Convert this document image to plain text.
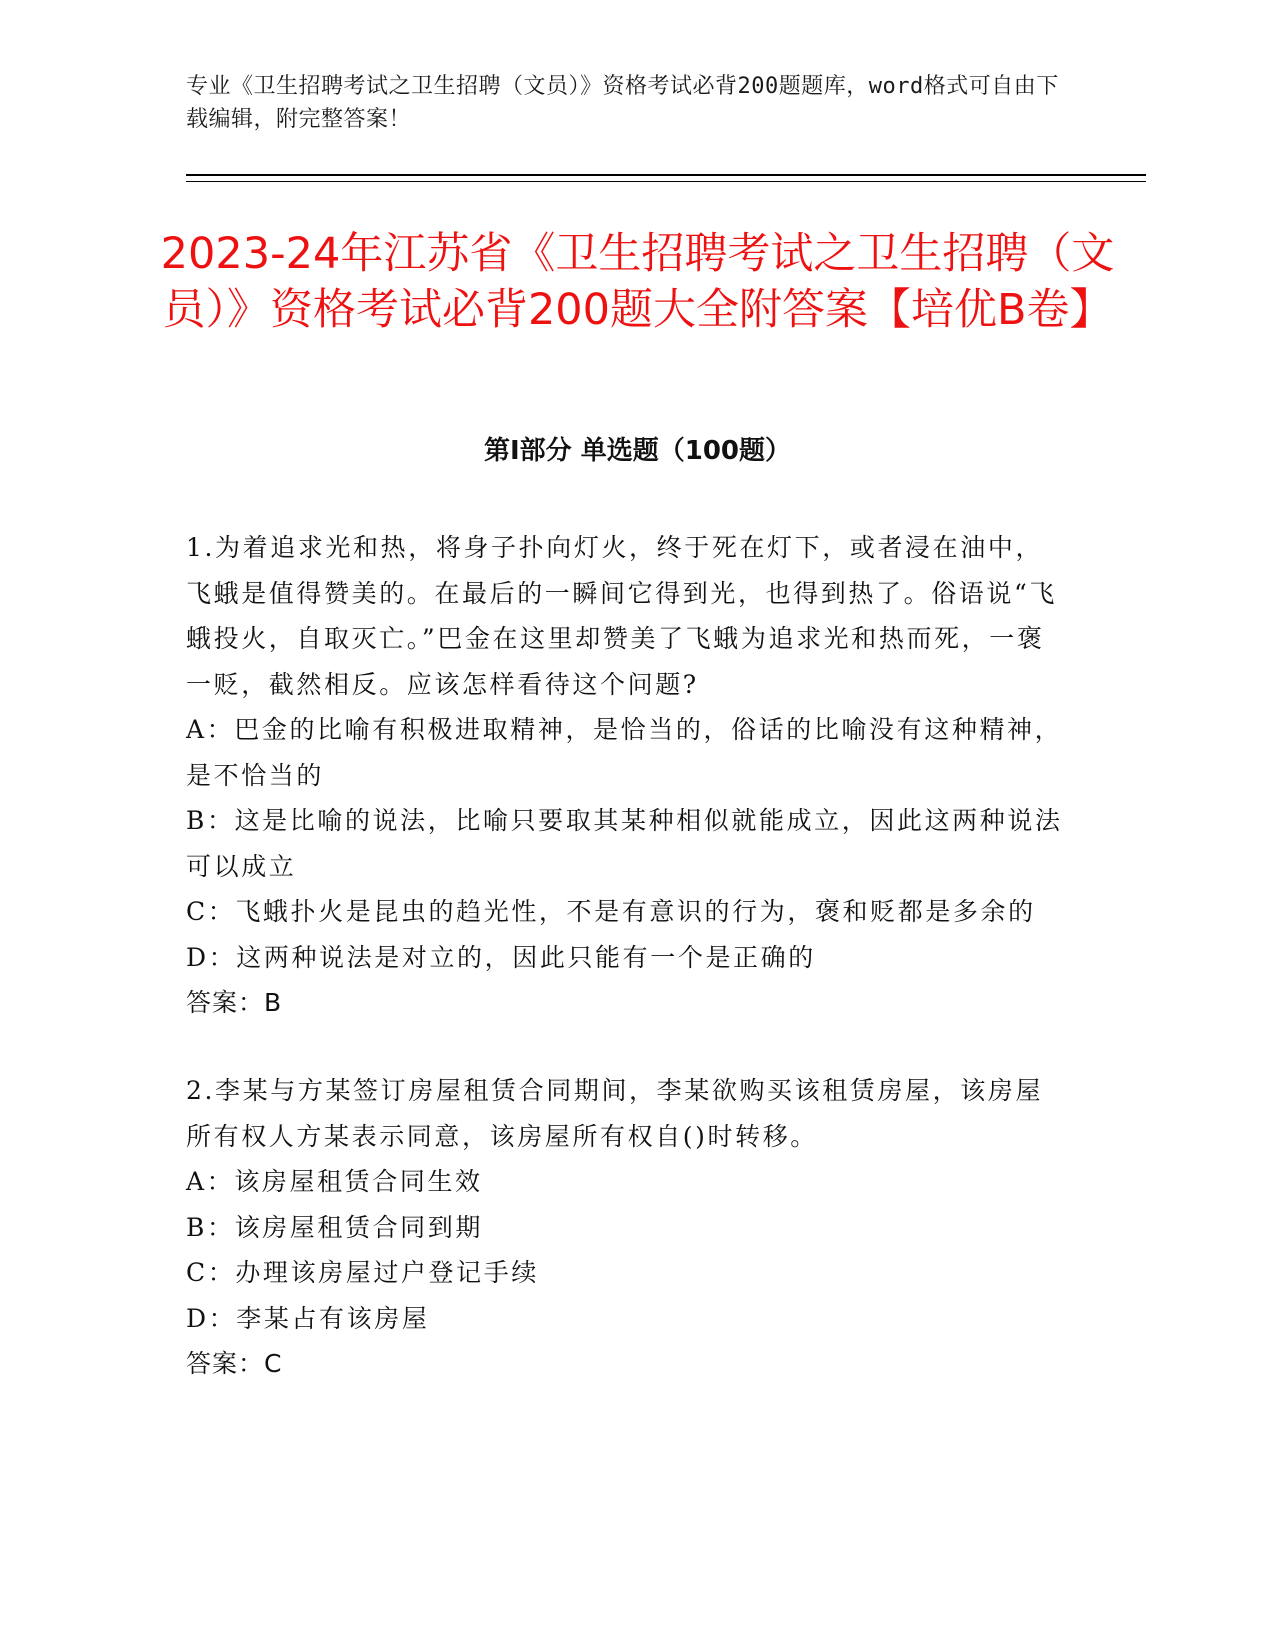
专业《卫生招聘考试之卫生招聘（文员）》资格考试必背200题题库，word格式可自由下载编辑，附完整答案！
2023-24年江苏省《卫生招聘考试之卫生招聘（文员）》资格考试必背200题大全附答案【培优B卷】
第Ⅰ部分 单选题（100题）

1.为着追求光和热，将身子扑向灯火，终于死在灯下，或者浸在油中，飞蛾是值得赞美的。在最后的一瞬间它得到光，也得到热了。俗语说“飞蛾投火，自取灭亡。”巴金在这里却赞美了飞蛾为追求光和热而死，一褒一贬，截然相反。应该怎样看待这个问题?

A：巴金的比喻有积极进取精神，是恰当的，俗话的比喻没有这种精神，是不恰当的

B：这是比喻的说法，比喻只要取其某种相似就能成立，因此这两种说法可以成立

C：飞蛾扑火是昆虫的趋光性，不是有意识的行为，褒和贬都是多余的

D：这两种说法是对立的，因此只能有一个是正确的

答案：B

2.李某与方某签订房屋租赁合同期间，李某欲购买该租赁房屋，该房屋所有权人方某表示同意，该房屋所有权自()时转移。

A：该房屋租赁合同生效

B：该房屋租赁合同到期

C：办理该房屋过户登记手续

D：李某占有该房屋

答案：C
